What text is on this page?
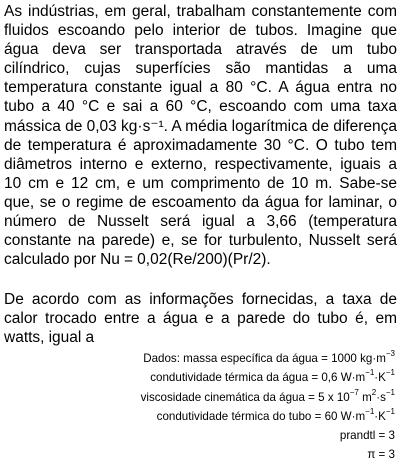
As indústrias, em geral, trabalham constantemente com fluidos escoando pelo interior de tubos. Imagine que água deva ser transportada através de um tubo cilíndrico, cujas superfícies são mantidas a uma temperatura constante igual a 80 °C. A água entra no tubo a 40 °C e sai a 60 °C, escoando com uma taxa mássica de 0,03 kg·s⁻¹. A média logarítmica de diferença de temperatura é aproximadamente 30 °C. O tubo tem diâmetros interno e externo, respectivamente, iguais a 10 cm e 12 cm, e um comprimento de 10 m. Sabe-se que, se o regime de escoamento da água for laminar, o número de Nusselt será igual a 3,66 (temperatura constante na parede) e, se for turbulento, Nusselt será calculado por Nu = 0,02(Re/200)(Pr/2).

De acordo com as informações fornecidas, a taxa de calor trocado entre a água e a parede do tubo é, em watts, igual a

Dados: massa específica da água = 1000 $kg\cdot m^{-3}$
condutividade térmica da água = 0,6 $W\cdot m^{-1}\cdot K^{-1}$
viscosidade cinemática da água = 5 x $10^{-7}$ $m^2\cdot s^{-1}$
condutividade térmica do tubo = 60 $W\cdot m^{-1}\cdot K^{-1}$
prandtl = 3
π = 3
